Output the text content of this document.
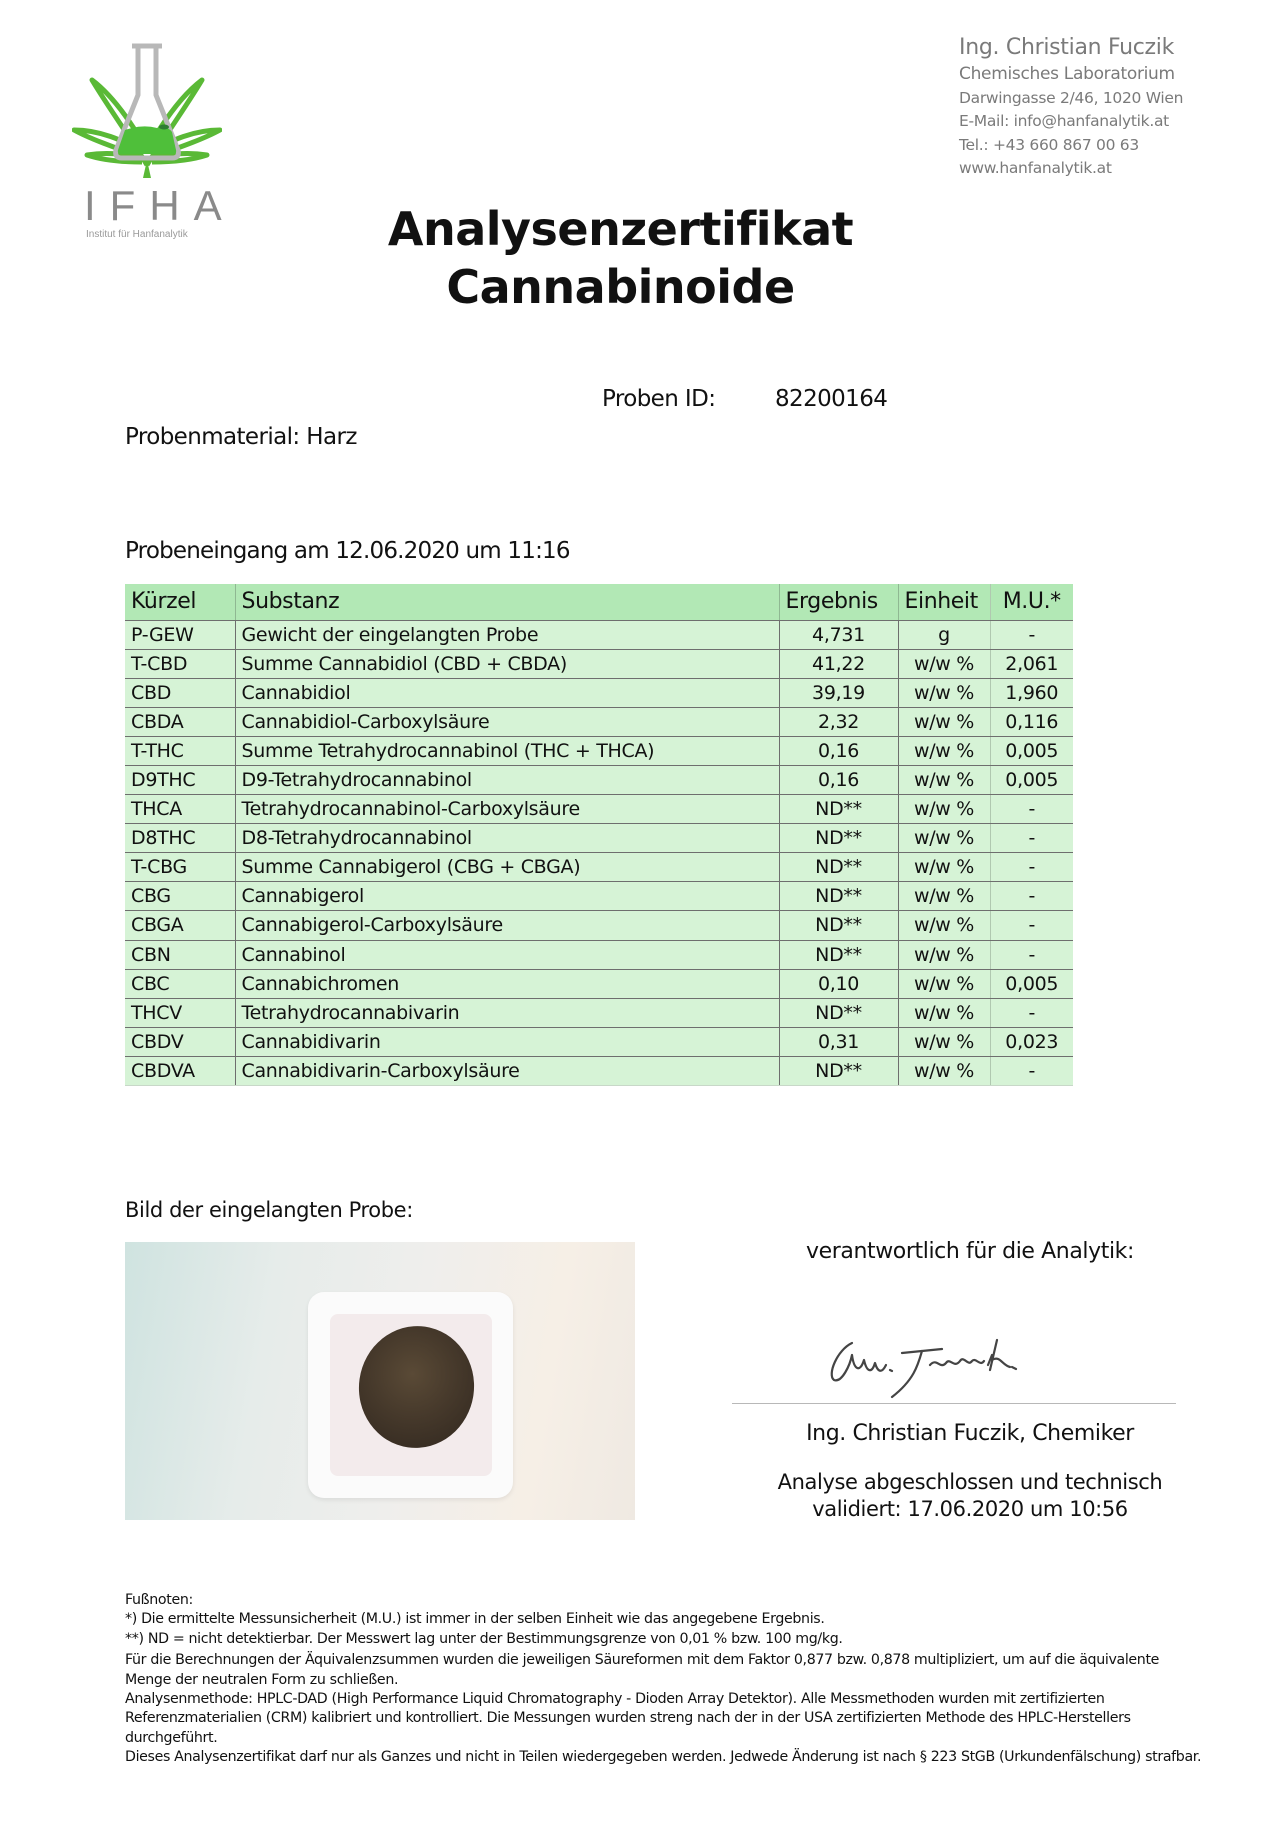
IFHA
Institut für Hanfanalytik
Ing. Christian Fuczik
Chemisches Laboratorium
Darwingasse 2/46, 1020 Wien
E-Mail: info@hanfanalytik.at
Tel.: +43 660 867 00 63
www.hanfanalytik.at
Analysenzertifikat
Cannabinoide
Proben ID:	82200164
Probenmaterial: Harz
Probeneingang am 12.06.2020 um 11:16
Kürzel	Substanz	Ergebnis	Einheit	M.U.*
P-GEW	Gewicht der eingelangten Probe	4,731	g	-
T-CBD	Summe Cannabidiol (CBD + CBDA)	41,22	w/w %	2,061
CBD	Cannabidiol	39,19	w/w %	1,960
CBDA	Cannabidiol-Carboxylsäure	2,32	w/w %	0,116
T-THC	Summe Tetrahydrocannabinol (THC + THCA)	0,16	w/w %	0,005
D9THC	D9-Tetrahydrocannabinol	0,16	w/w %	0,005
THCA	Tetrahydrocannabinol-Carboxylsäure	ND**	w/w %	-
D8THC	D8-Tetrahydrocannabinol	ND**	w/w %	-
T-CBG	Summe Cannabigerol (CBG + CBGA)	ND**	w/w %	-
CBG	Cannabigerol	ND**	w/w %	-
CBGA	Cannabigerol-Carboxylsäure	ND**	w/w %	-
CBN	Cannabinol	ND**	w/w %	-
CBC	Cannabichromen	0,10	w/w %	0,005
THCV	Tetrahydrocannabivarin	ND**	w/w %	-
CBDV	Cannabidivarin	0,31	w/w %	0,023
CBDVA	Cannabidivarin-Carboxylsäure	ND**	w/w %	-
Bild der eingelangten Probe:
verantwortlich für die Analytik:
Ing. Christian Fuczik, Chemiker
Analyse abgeschlossen und technisch
validiert: 17.06.2020 um 10:56

Fußnoten:

*) Die ermittelte Messunsicherheit (M.U.) ist immer in der selben Einheit wie das angegebene Ergebnis.

**) ND = nicht detektierbar. Der Messwert lag unter der Bestimmungsgrenze von 0,01 % bzw. 100 mg/kg.

Für die Berechnungen der Äquivalenzsummen wurden die jeweiligen Säureformen mit dem Faktor 0,877 bzw. 0,878 multipliziert, um auf die äquivalente Menge der neutralen Form zu schließen.

Analysenmethode: HPLC-DAD (High Performance Liquid Chromatography - Dioden Array Detektor). Alle Messmethoden wurden mit zertifizierten Referenzmaterialien (CRM) kalibriert und kontrolliert. Die Messungen wurden streng nach der in der USA zertifizierten Methode des HPLC-Herstellers durchgeführt.

Dieses Analysenzertifikat darf nur als Ganzes und nicht in Teilen wiedergegeben werden. Jedwede Änderung ist nach § 223 StGB (Urkundenfälschung) strafbar.
